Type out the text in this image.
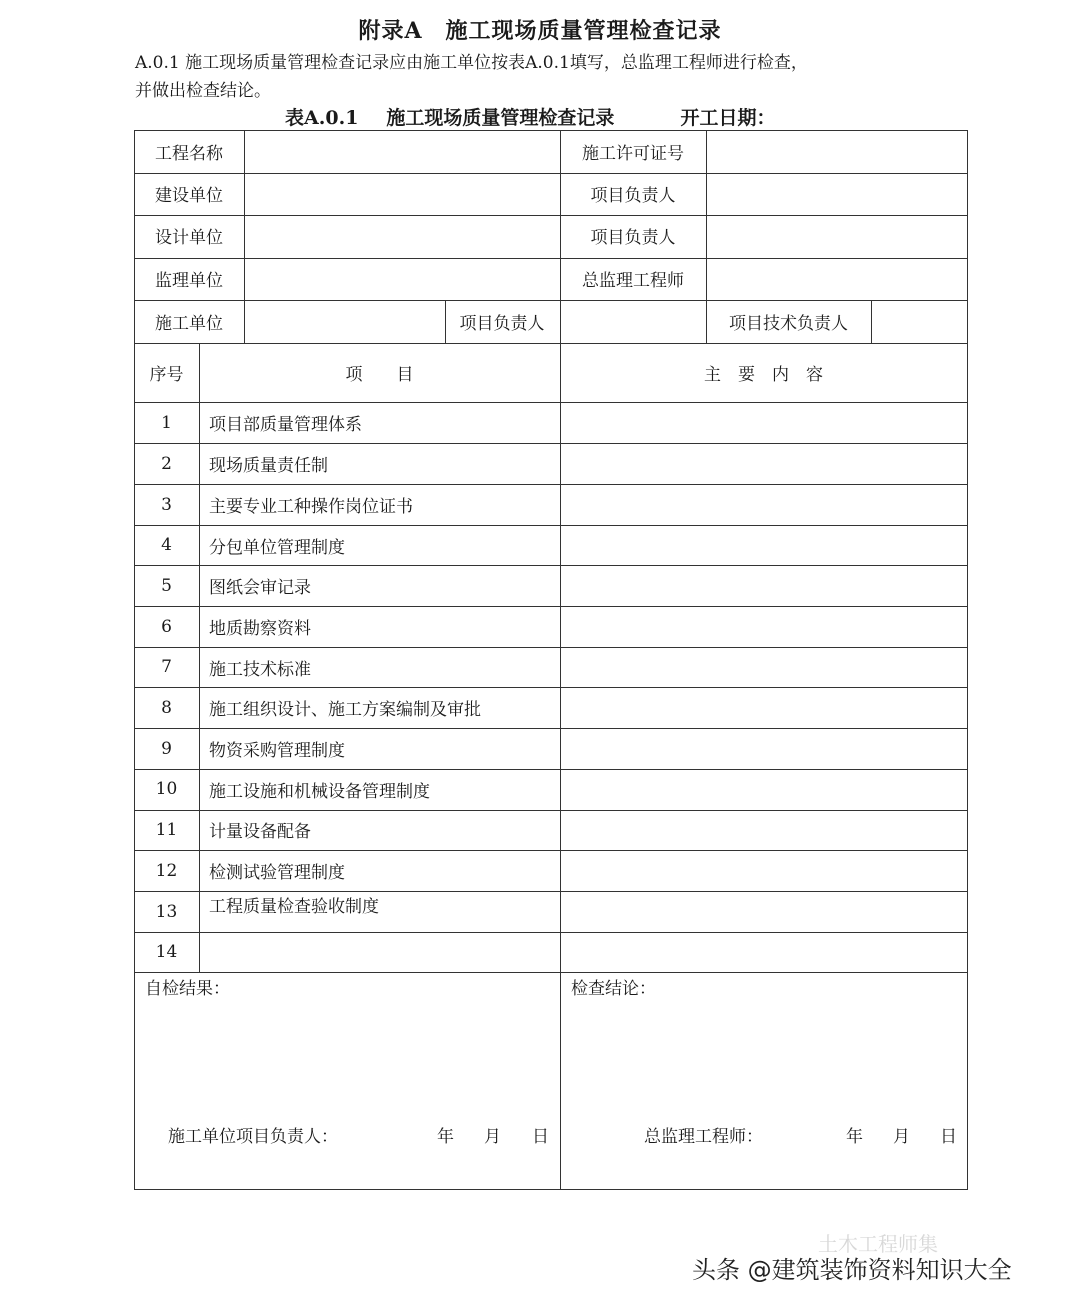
附录A　施工现场质量管理检查记录
A.0.1 施工现场质量管理检查记录应由施工单位按表A.0.1填写，总监理工程师进行检查，
并做出检查结论。
表A.0.1 施工现场质量管理检查记录	开工日期：
工程名称	施工许可证号
建设单位	项目负责人
设计单位	项目负责人
监理单位	总监理工程师
施工单位	项目负责人	项目技术负责人
序号	项　　目	主　要　内　容
1	项目部质量管理体系
2	现场质量责任制
3	主要专业工种操作岗位证书
4	分包单位管理制度
5	图纸会审记录
6	地质勘察资料
7	施工技术标准
8	施工组织设计、施工方案编制及审批
9	物资采购管理制度
10	施工设施和机械设备管理制度
11	计量设备配备
12	检测试验管理制度
13	工程质量检查验收制度
14
自检结果：	检查结论：
施工单位项目负责人：	年 月 日	总监理工程师：	年 月 日
土木工程师集
头条 @建筑装饰资料知识大全
